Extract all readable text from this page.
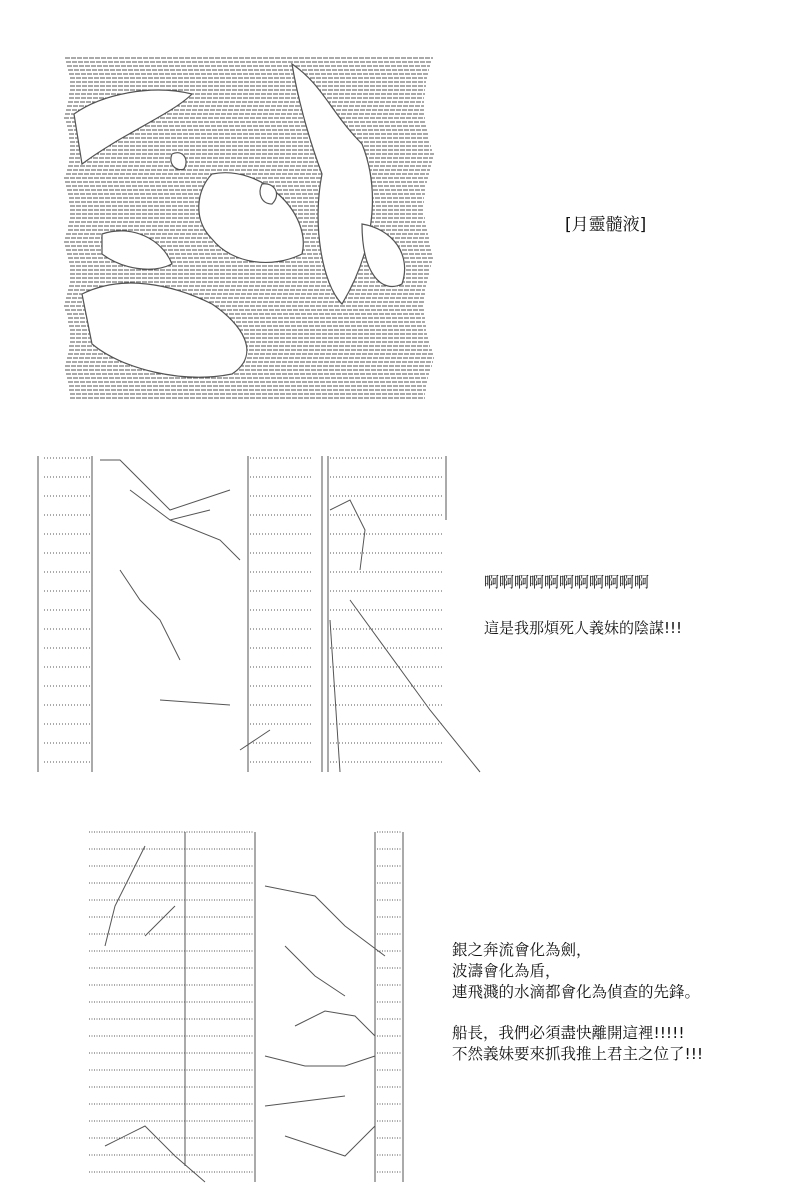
[月靈髓液]
啊啊啊啊啊啊啊啊啊啊啊
這是我那煩死人義妹的陰謀!!!
銀之奔流會化為劍，
波濤會化為盾，
連飛濺的水滴都會化為偵查的先鋒。
船長，我們必須盡快離開這裡!!!!!
不然義妹要來抓我推上君主之位了!!!
